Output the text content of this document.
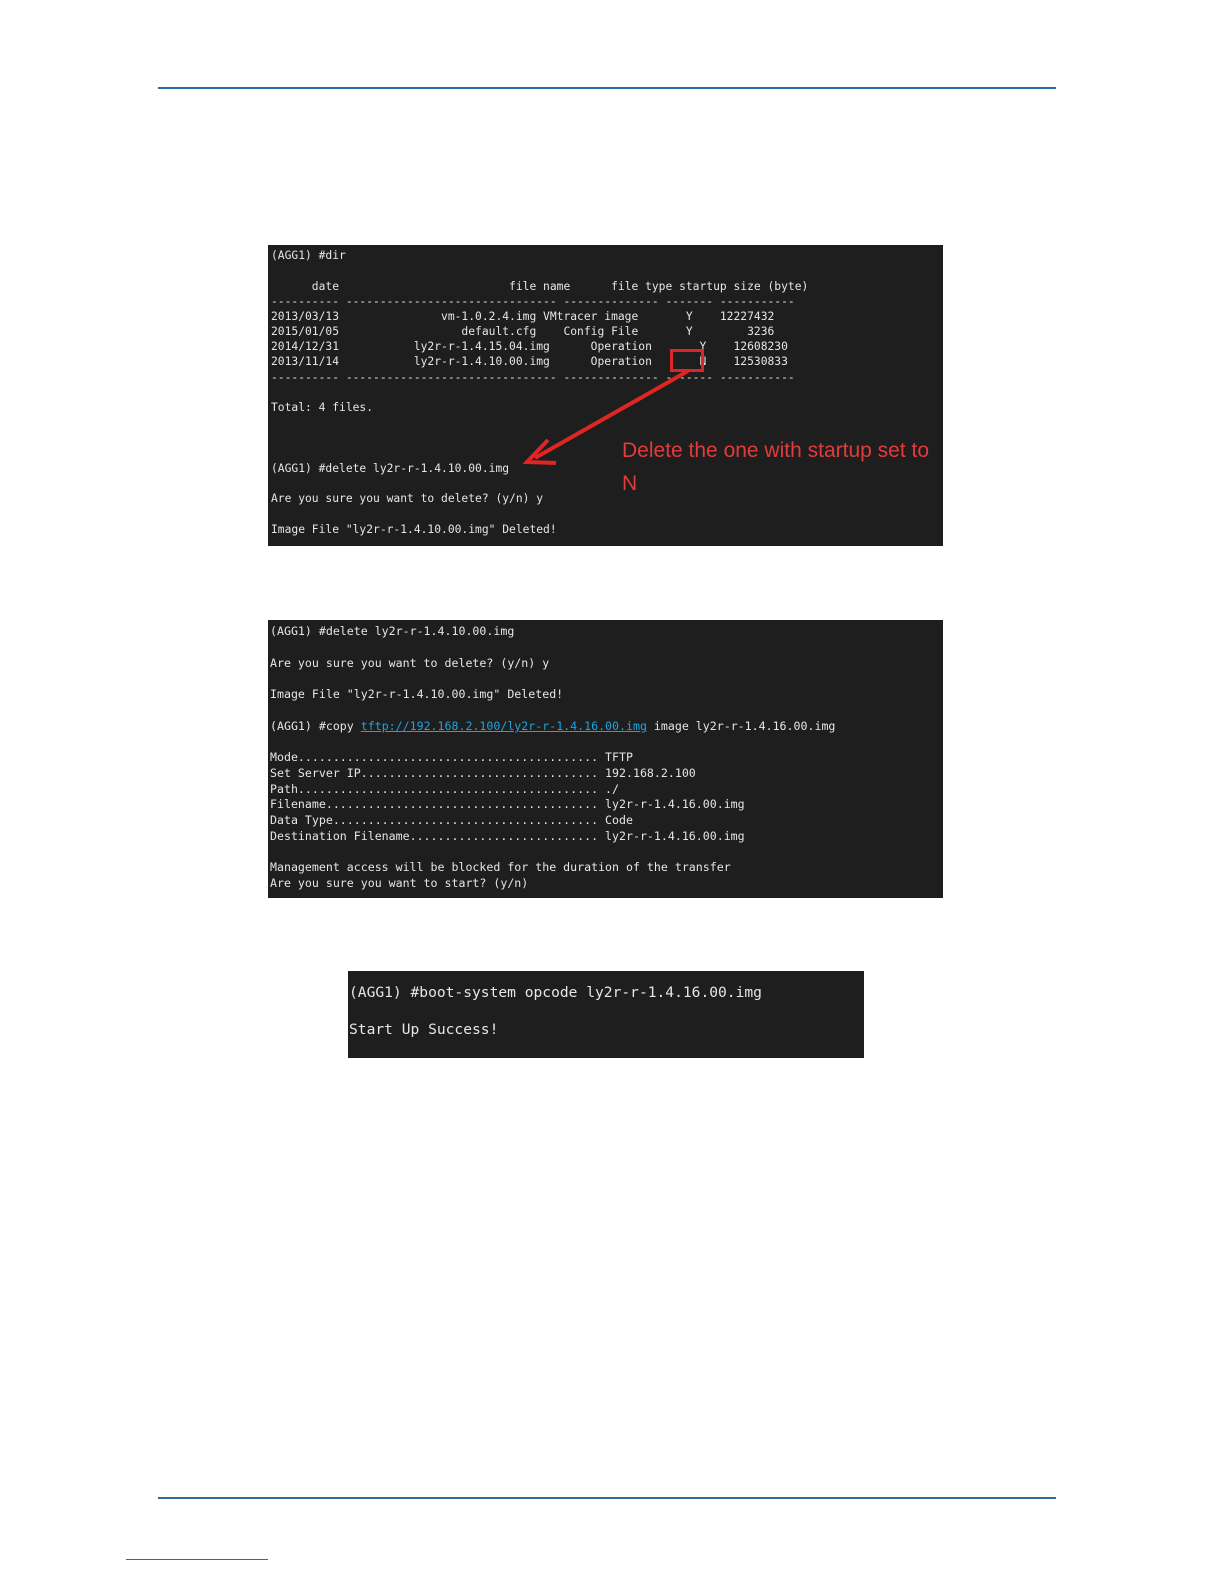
(AGG1) #dir
date                         file name      file type startup size (byte)
---------- ------------------------------- -------------- ------- -----------
2013/03/13               vm-1.0.2.4.img VMtracer image       Y    12227432
2015/01/05                  default.cfg    Config File       Y        3236
2014/12/31           ly2r-r-1.4.15.04.img      Operation       Y    12608230
2013/11/14           ly2r-r-1.4.10.00.img      Operation       N    12530833
---------- ------------------------------- -------------- ------- -----------
Total: 4 files.
(AGG1) #delete ly2r-r-1.4.10.00.img
Are you sure you want to delete? (y/n) y
Image File "ly2r-r-1.4.10.00.img" Deleted!
Delete the one with startup set to N
(AGG1) #delete ly2r-r-1.4.10.00.img
Are you sure you want to delete? (y/n) y
Image File "ly2r-r-1.4.10.00.img" Deleted!
(AGG1) #copy tftp://192.168.2.100/ly2r-r-1.4.16.00.img image ly2r-r-1.4.16.00.img
Mode........................................... TFTP
Set Server IP.................................. 192.168.2.100
Path........................................... ./
Filename....................................... ly2r-r-1.4.16.00.img
Data Type...................................... Code
Destination Filename........................... ly2r-r-1.4.16.00.img
Management access will be blocked for the duration of the transfer
Are you sure you want to start? (y/n)
(AGG1) #boot-system opcode ly2r-r-1.4.16.00.img
Start Up Success!
